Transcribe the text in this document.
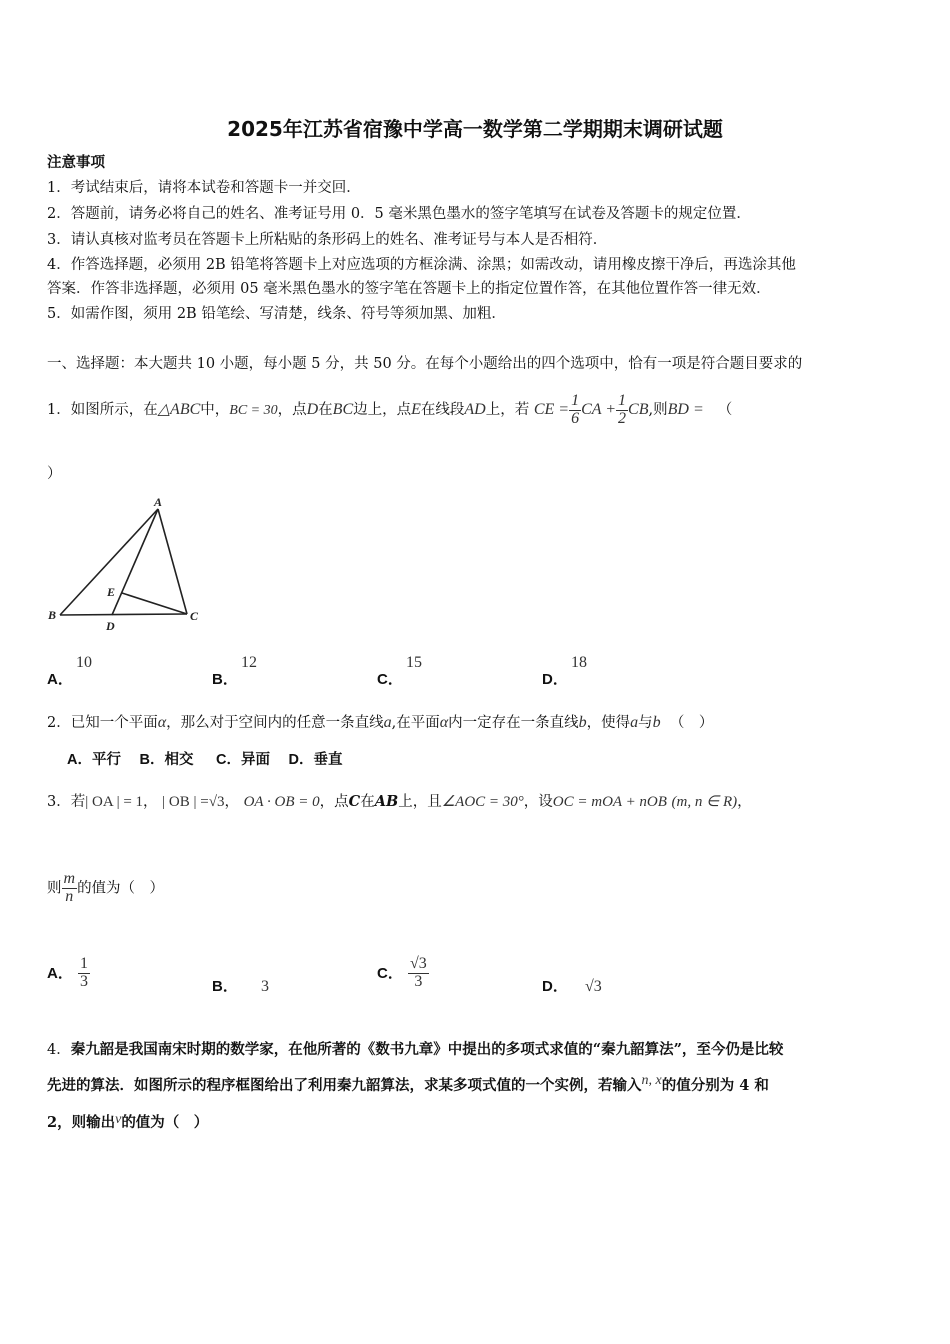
2025年江苏省宿豫中学高一数学第二学期期末调研试题
注意事项
1．考试结束后，请将本试卷和答题卡一并交回．
2．答题前，请务必将自己的姓名、准考证号用 0．5 毫米黑色墨水的签字笔填写在试卷及答题卡的规定位置．
3．请认真核对监考员在答题卡上所粘贴的条形码上的姓名、准考证号与本人是否相符．
4．作答选择题，必须用 2B 铅笔将答题卡上对应选项的方框涂满、涂黑；如需改动，请用橡皮擦干净后，再选涂其他
答案．作答非选择题，必须用 05 毫米黑色墨水的签字笔在答题卡上的指定位置作答，在其他位置作答一律无效．
5．如需作图，须用 2B 铅笔绘、写清楚，线条、符号等须加黑、加粗．
一、选择题：本大题共 10 小题，每小题 5 分，共 50 分。在每个小题给出的四个选项中，恰有一项是符合题目要求的
1．如图所示，在△ABC中，BC = 30，点D在BC边上，点E在线段AD上，若 CE = $\frac{1}{6}$ CA + $\frac{1}{2}$ CB,则BD = （
）
A
B	C
D
E
A．
10
B．
12
C．
15
D．
18
2．已知一个平面α，那么对于空间内的任意一条直线a,在平面α内一定存在一条直线b，使得a与b （　）
A．平行　 B．相交　  C．异面　 D．垂直
3．若| OA | = 1， | OB | =√3， OA · OB = 0，点C在AB上，且∠AOC = 30°，设OC = mOA + nOB (m, n ∈ R)，
则 $\frac{m}{n}$ 的值为（　）
A． $\frac{1}{3}$	B． 3
C． $\frac{√3}{3}$	D． √3
4．秦九韶是我国南宋时期的数学家，在他所著的《数书九章》中提出的多项式求值的“秦九韶算法”，至今仍是比较
先进的算法．如图所示的程序框图给出了利用秦九韶算法，求某多项式值的一个实例，若输入n, x的值分别为 4 和
2，则输出v的值为（　）
